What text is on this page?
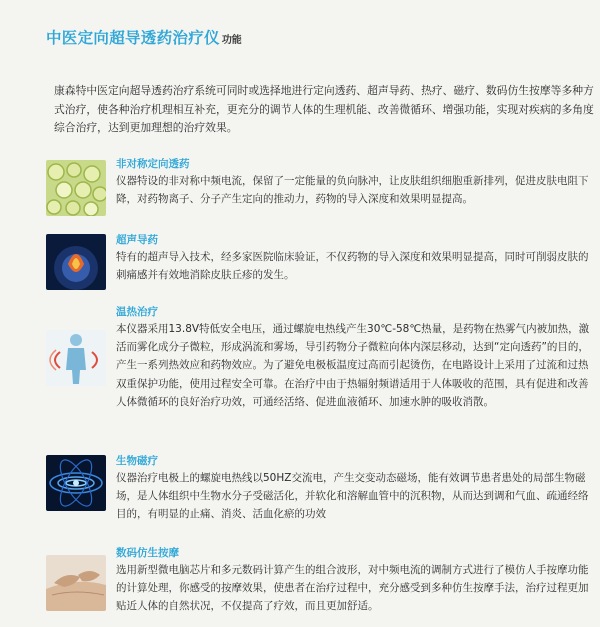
中医定向超导透药治疗仪 功能
康森特中医定向超导透药治疗系统可同时或选择地进行定向透药、超声导药、热疗、磁疗、数码仿生按摩等多种方式治疗，使各种治疗机理相互补充，更充分的调节人体的生理机能、改善微循环、增强功能，实现对疾病的多角度综合治疗，达到更加理想的治疗效果。
非对称定向透药
仪器特设的非对称中频电流，保留了一定能量的负向脉冲，让皮肤组织细胞重新排列，促进皮肤电阻下降，对药物离子、分子产生定向的推动力，药物的导入深度和效果明显提高。
超声导药
特有的超声导入技术，经多家医院临床验证，不仅药物的导入深度和效果明显提高，同时可削弱皮肤的刺痛感并有效地消除皮肤丘疹的发生。
温热治疗
本仪器采用13.8V特低安全电压，通过螺旋电热线产生30℃-58℃热量，是药物在热雾气内被加热，激活而雾化成分子微粒，形成涡流和雾场，导引药物分子微粒向体内深层移动，达到“定向透药”的目的，产生一系列热效应和药物效应。为了避免电极板温度过高而引起烫伤，在电路设计上采用了过流和过热双重保护功能，使用过程安全可靠。在治疗中由于热辐射频谱适用于人体吸收的范围，具有促进和改善人体微循环的良好治疗功效，可通经活络、促进血液循环、加速水肿的吸收消散。
生物磁疗
仪器治疗电极上的螺旋电热线以50HZ交流电，产生交变动态磁场，能有效调节患者患处的局部生物磁场，是人体组织中生物水分子受磁活化，并软化和溶解血管中的沉积物，从而达到调和气血、疏通经络目的，有明显的止痛、消炎、活血化瘀的功效
数码仿生按摩
选用新型微电脑芯片和多元数码计算产生的组合波形，对中频电流的调制方式进行了模仿人手按摩功能的计算处理，你感受的按摩效果，使患者在治疗过程中，充分感受到多种仿生按摩手法，治疗过程更加贴近人体的自然状况，不仅提高了疗效，而且更加舒适。
